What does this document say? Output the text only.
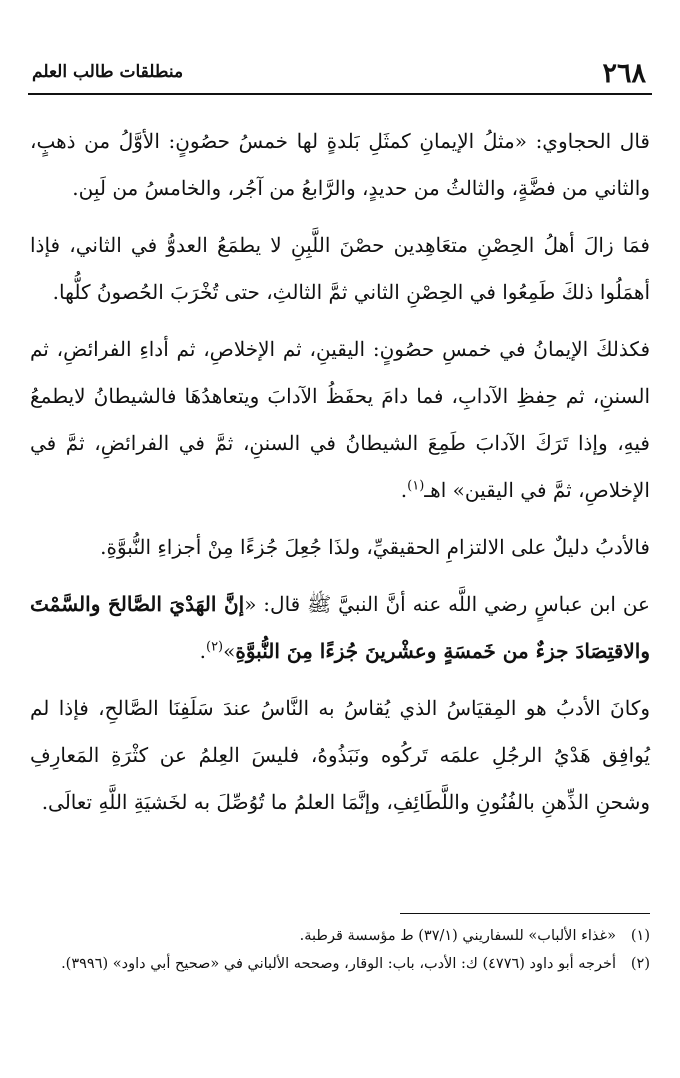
٢٦٨
منطلقات طالب العلم

قال الحجاوي: «مثلُ الإيمانِ كمثَلِ بَلدةٍ لها خمسُ حصُونٍ: الأوَّلُ من ذهبٍ، والثاني من فضَّةٍ، والثالثُ من حديدٍ، والرَّابعُ من آجُر، والخامسُ من لَبِن.

فمَا زالَ أهلُ الحِصْنِ متعَاهِدين حصْنَ اللَّبِنِ لا يطمَعُ العدوُّ في الثاني، فإذا أهمَلُوا ذلكَ طَمِعُوا في الحِصْنِ الثاني ثمَّ الثالثِ، حتى تُخْرَبَ الحُصونُ كلُّها.

فكذلكَ الإيمانُ في خمسِ حصُونٍ: اليقينِ، ثم الإخلاصِ، ثم أداءِ الفرائضِ، ثم السننِ، ثم حِفظِ الآدابِ، فما دامَ يحفَظُ الآدابَ ويتعاهدُهَا فالشيطانُ لايطمعُ فيهِ، وإذا تَرَكَ الآدابَ طَمِعَ الشيطانُ في السننِ، ثمَّ في الفرائضِ، ثمَّ في الإخلاصِ، ثمَّ في اليقين» اهـ$^{(١)}$.

فالأدبُ دليلٌ على الالتزامِ الحقيقيِّ، ولذَا جُعِلَ جُزءًا مِنْ أجزاءِ النُّبوَّةِ.

عن ابن عباسٍ رضي اللَّه عنه أنَّ النبيَّ ﷺ قال: «إنَّ الهَدْيَ الصَّالحَ والسَّمْتَ والاقتِصَادَ جزءٌ من خَمسَةٍ وعشْرينَ جُزءًا مِنَ النُّبوَّةِ»$^{(٢)}$.

وكانَ الأدبُ هو المِقيَاسُ الذي يُقاسُ به النَّاسُ عندَ سَلَفِنَا الصَّالحِ، فإذا لم يُوافِق هَدْيُ الرجُلِ علمَه تَركُوه ونَبَذُوهُ، فليسَ العِلمُ عن كثْرَةِ المَعارِفِ وشحنِ الذِّهنِ بالفُنُونِ واللَّطَائِفِ، وإنَّمَا العلمُ ما تُوُصِّلَ به لخَشيَةِ اللَّهِ تعالَى.

(١)
«غذاء الألباب» للسفاريني (٣٧/١) ط مؤسسة قرطبة.
(٢)
أخرجه أبو داود (٤٧٧٦) ك: الأدب، باب: الوقار، وصححه الألباني في «صحيح أبي داود» (٣٩٩٦).
